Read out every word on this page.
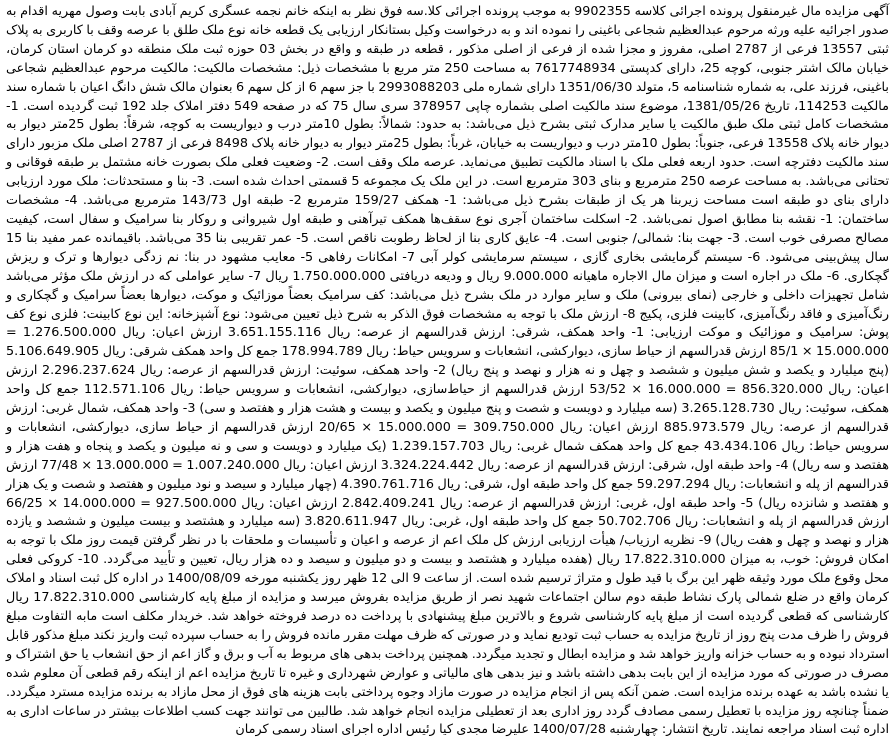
آگهی مزایده مال غیرمنقول پرونده اجرائی کلاسه 9902355 به موجب پرونده اجرائی کلا.سه فوق نظر به اینکه خانم نجمه عسگری کریم آبادی بابت وصول مهریه اقدام به صدور اجرائیه علیه ورثه مرحوم عبدالعظیم شجاعی باغینی را نموده اند و به درخواست وکیل بستانکار ارزیابی یک قطعه خانه نوع ملک طلق با عرصه وقف با کاربری به پلاک ثبتی 13557 فرعی از 2787 اصلی، مفروز و مجزا شده از فرعی از اصلی مذکور ، قطعه در طبقه و واقع در بخش 03 حوزه ثبت ملک منطقه دو کرمان استان کرمان، خیابان مالک اشتر جنوبی، کوچه 25، دارای کدپستی 7617748934 به مساحت 250 متر مربع با مشخصات ذیل: مشخصات مالکیت: مالکیت مرحوم عبدالعظیم شجاعی باغینی، فرزند علی، به شماره شناسنامه 5، متولد 1351/06/30 دارای شماره ملی 2993088203 با جز سهم 6 از کل سهم 6 بعنوان مالک شش دانگ اعیان با شماره سند مالکیت 114253، تاریخ 1381/05/26، موضوع سند مالکیت اصلی بشماره چاپی 378957 سری سال 75 که در صفحه 549 دفتر املاک جلد 192 ثبت گردیده است. 1- مشخصات کامل ثبتی ملک طبق مالکیت یا سایر مدارک ثبتی بشرح ذیل می‌باشد: به حدود: شمالاً: بطول 10متر درب و دیواریست به کوچه، شرقاً: بطول 25متر دیوار به دیوار خانه پلاک 13558 فرعی، جنوباً: بطول 10متر درب و دیواریست به خیابان، غرباً: بطول 25متر دیوار به دیوار خانه پلاک 8498 فرعی از 2787 اصلی ملک مزبور دارای سند مالکیت دفترچه است. حدود اربعه فعلی ملک با اسناد مالکیت تطبیق می‌نماید. عرصه ملک وقف است. 2- وضعیت فعلی ملک بصورت خانه مشتمل بر طبقه فوقانی و تحتانی می‌باشد. به مساحت عرصه 250 مترمربع و بنای 303 مترمربع است. در این ملک یک مجموعه 5 قسمتی احداث شده است. 3- بنا و مستحدثات: ملک مورد ارزیابی دارای بنای دو طبقه است مساحت زیربنا هر یک از طبقات بشرح ذیل می‌باشد: 1- همکف 159/27 مترمربع 2- طبقه اول 143/73 مترمربع می‌باشد. 4- مشخصات ساختمان: 1- نقشه بنا مطابق اصول نمی‌باشد. 2- اسکلت ساختمان آجری نوع سقف‌ها همکف تیرآهنی و طبقه اول شیروانی و روکار بنا سرامیک و سفال است، کیفیت مصالح مصرفی خوب است. 3- جهت بنا: شمالی/ جنوبی است. 4- عایق کاری بنا از لحاظ رطوبت ناقص است. 5- عمر تقریبی بنا 35 می‌باشد. باقیمانده عمر مفید بنا 15 سال پیش‌بینی می‌شود. 6- سیستم گرمایشی بخاری گازی ، سیستم سرمایشی کولر آبی 7- امکانات رفاهی 5- معایب مشهود در بنا: نم زدگی دیوارها و ترک و ریزش گچکاری. 6- ملک در اجاره است و میزان مال الاجاره ماهیانه 9.000.000 ریال و ودیعه دریافتی 1.750.000.000 ریال 7- سایر عواملی که در ارزش ملک مؤثر می‌باشد شامل تجهیزات داخلی و خارجی (نمای بیرونی) ملک و سایر موارد در ملک بشرح ذیل می‌باشد: کف سرامیک بعضاً موزائیک و موکت، دیوارها بعضاً سرامیک و گچکاری و رنگ‌آمیزی و فاقد رنگ‌آمیزی، کابینت فلزی، پکیج 8- ارزش ملک با توجه به مشخصات فوق الذکر به شرح ذیل تعیین می‌شود: نوع آشپزخانه: این نوع کابینت: فلزی نوع کف پوش: سرامیک و موزائیک و موکت ارزیابی: 1- واحد همکف، شرقی: ارزش قدرالسهم از عرصه: ریال 3.651.155.116 ارزش اعیان: ریال 1.276.500.000 = 15.000.000 × 85/1 ارزش قدرالسهم از حیاط سازی، دیوارکشی، انشعابات و سرویس حیاط: ریال 178.994.789 جمع کل واحد همکف شرقی: ریال 5.106.649.905 (پنج میلیارد و یکصد و شش میلیون و ششصد و چهل و نه هزار و نهصد و پنج ریال) 2- واحد همکف، سوئیت: ارزش قدرالسهم از عرصه: ریال 2.296.237.624 ارزش اعیان: ریال 856.320.000 = 16.000.000 × 53/52 ارزش قدرالسهم از حیاط‌سازی، دیوارکشی، انشعابات و سرویس حیاط: ریال 112.571.106 جمع کل واحد همکف، سوئیت: ریال 3.265.128.730 (سه میلیارد و دویست و شصت و پنج میلیون و یکصد و بیست و هشت هزار و هفتصد و سی) 3- واحد همکف، شمال غربی: ارزش قدرالسهم از عرصه: ریال 885.973.579 ارزش اعیان: ریال 309.750.000 = 15.000.000 × 20/65 ارزش قدرالسهم از حیاط سازی، دیوارکشی، انشعابات و سرویس حیاط: ریال 43.434.106 جمع کل واحد همکف شمال غربی: ریال 1.239.157.703 (یک میلیارد و دویست و سی و نه میلیون و یکصد و پنجاه و هفت هزار و هفتصد و سه ریال) 4- واحد طبقه اول، شرقی: ارزش قدرالسهم از عرصه: ریال 3.324.224.442 ارزش اعیان: ریال 1.007.240.000 = 13.000.000 × 77/48 ارزش قدرالسهم از پله و انشعابات: ریال 59.297.294 جمع کل واحد طبقه اول، شرقی: ریال 4.390.761.716 (چهار میلیارد و سیصد و نود میلیون و هفتصد و شصت و یک هزار و هفتصد و شانزده ریال) 5- واحد طبقه اول، غربی: ارزش قدرالسهم از عرصه: ریال 2.842.409.241 ارزش اعیان: ریال 927.500.000 = 14.000.000 × 66/25 ارزش قدرالسهم از پله و انشعابات: ریال 50.702.706 جمع کل واحد طبقه اول، غربی: ریال 3.820.611.947 (سه میلیارد و هشتصد و بیست میلیون و ششصد و یازده هزار و نهصد و چهل و هفت ریال) 9- نظریه ارزیاب/ هیأت ارزیابی ارزش کل ملک اعم از عرصه و اعیان و تأسیسات و ملحقات با در نظر گرفتن قیمت روز ملک با توجه به امکان فروش: خوب، به میزان 17.822.310.000 ریال (هفده میلیارد و هشتصد و بیست و دو میلیون و سیصد و ده هزار ریال، تعیین و تأیید می‌گردد. 10- کروکی فعلی محل وقوع ملک مورد وثیقه ظهر این برگ با قید طول و متراژ ترسیم شده است. از ساعت 9 الی 12 ظهر روز یکشنبه مورخه 1400/08/09 در اداره کل ثبت اسناد و املاک کرمان واقع در ضلع شمالی پارک نشاط طبقه دوم سالن اجتماعات شهید نصر از طریق مزایده بفروش میرسد و مزایده از مبلغ پایه کارشناسی 17.822.310.000 ریال کارشناسی که قطعی گردیده است از مبلغ پایه کارشناسی شروع و بالاترین مبلغ پیشنهادی با پرداخت ده درصد فروخته خواهد شد. خریدار مکلف است مابه التفاوت مبلغ فروش را ظرف مدت پنج روز از تاریخ مزایده به حساب ثبت تودیع نماید و در صورتی که ظرف مهلت مقرر مانده فروش را به حساب سپرده ثبت واریز نکند مبلغ مذکور قابل استرداد نبوده و به حساب خزانه واریز خواهد شد و مزایده ابطال و تجدید میگردد. همچنین پرداخت بدهی های مربوط به آب و برق و گاز اعم از حق انشعاب یا حق اشتراک و مصرف در صورتی که مورد مزایده از این بابت بدهی داشته باشد و نیز بدهی های مالیاتی و عوارض شهرداری و غیره تا تاریخ مزایده اعم از اینکه رقم قطعی آن معلوم شده یا نشده باشد به عهده برنده مزایده است. ضمن آنکه پس از انجام مزایده در صورت مازاد وجوه پرداختی بابت هزینه های فوق از محل مازاد به برنده مزایده مسترد میگردد. ضمناً چنانچه روز مزایده با تعطیل رسمی مصادف گردد روز اداری بعد از تعطیلی مزایده انجام خواهد شد. طالبین می توانند جهت کسب اطلاعات بیشتر در ساعات اداری به اداره ثبت اسناد مراجعه نمایند. تاریخ انتشار: چهارشنبه 1400/07/28 علیرضا مجدی کیا رئیس اداره اجرای اسناد رسمی کرمان
